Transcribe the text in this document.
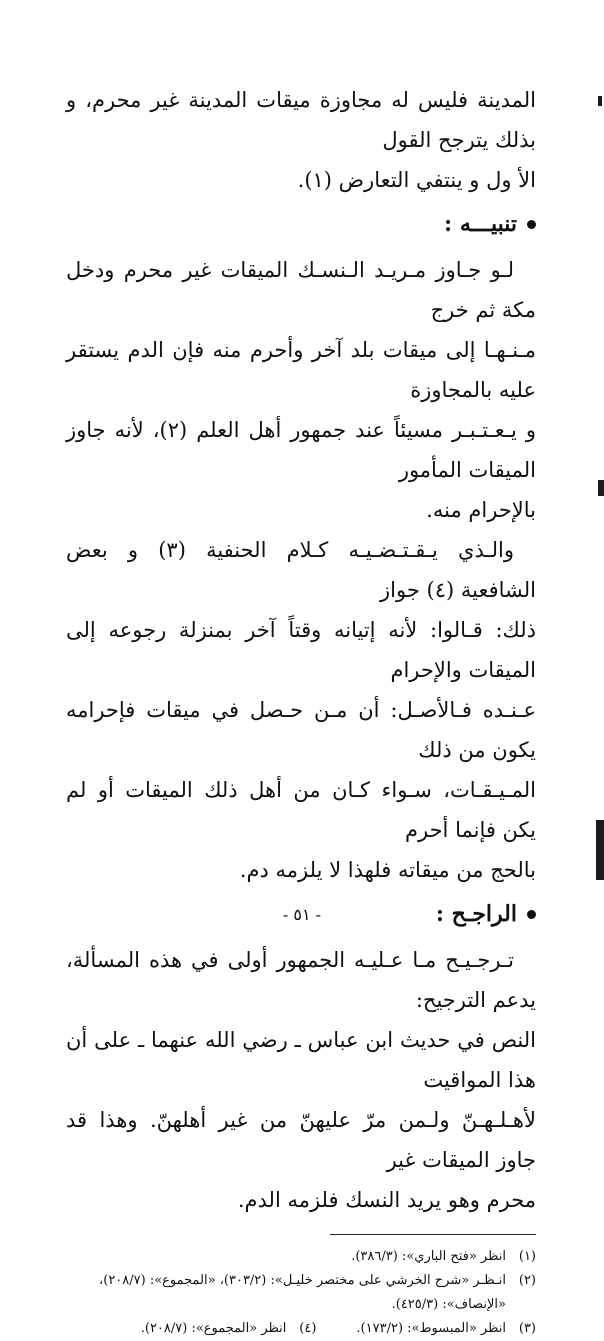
المدينة فليس له مجاوزة ميقات المدينة غير محرم، و بذلك يترجح القول

الأ ول و ينتفي التعارض (١).

تنبيـــه :

لـو جـاوز مـريـد الـنسـك الميقات غير محرم ودخل مكة ثم خرج

مـنـهـا إلى ميقات بلد آخر وأحرم منه فإن الدم يستقر عليه بالمجاوزة

و يـعـتـبـر مسيئاً عند جمهور أهل العلم (٢)، لأنه جاوز الميقات المأمور

بالإحرام منه.

والـذي يـقـتـضـيـه كـلام الحنفية (٣) و بعض الشافعية (٤) جواز

ذلك: قـالوا: لأنه إتيانه وقتاً آخر بمنزلة رجوعه إلى الميقات والإحرام

عـنـده فـالأصـل: أن مـن حـصل في ميقات فإحرامه يكون من ذلك

المـيـقـات، سـواء كـان من أهل ذلك الميقات أو لم يكن فإنما أحرم

بالحج من ميقاته فلهذا لا يلزمه دم.

الراجـح :

تـرجـيـح مـا عـليـه الجمهور أولى في هذه المسألة، يدعم الترجيح:

النص في حديث ابن عباس ـ رضي الله عنهما ـ على أن هذا المواقيت

لأهـلـهـنّ ولـمن مرّ عليهنّ من غير أهلهنّ. وهذا قد جاوز الميقات غير

محرم وهو يريد النسك فلزمه الدم.

(١)
انظر «فتح الباري»: (٣٨٦/٣).
(٢)
انـظـر «شرح الخرشي على مختصر خليـل»: (٣٠٣/٢)، «المجموع»: (٢٠٨/٧)،
«الإنصاف»: (٤٢٥/٣).
(٣)
انظر «المبسوط»: (١٧٣/٢).
(٤)
انظر «المجموع»: (٢٠٨/٧).
- ٥١ -
